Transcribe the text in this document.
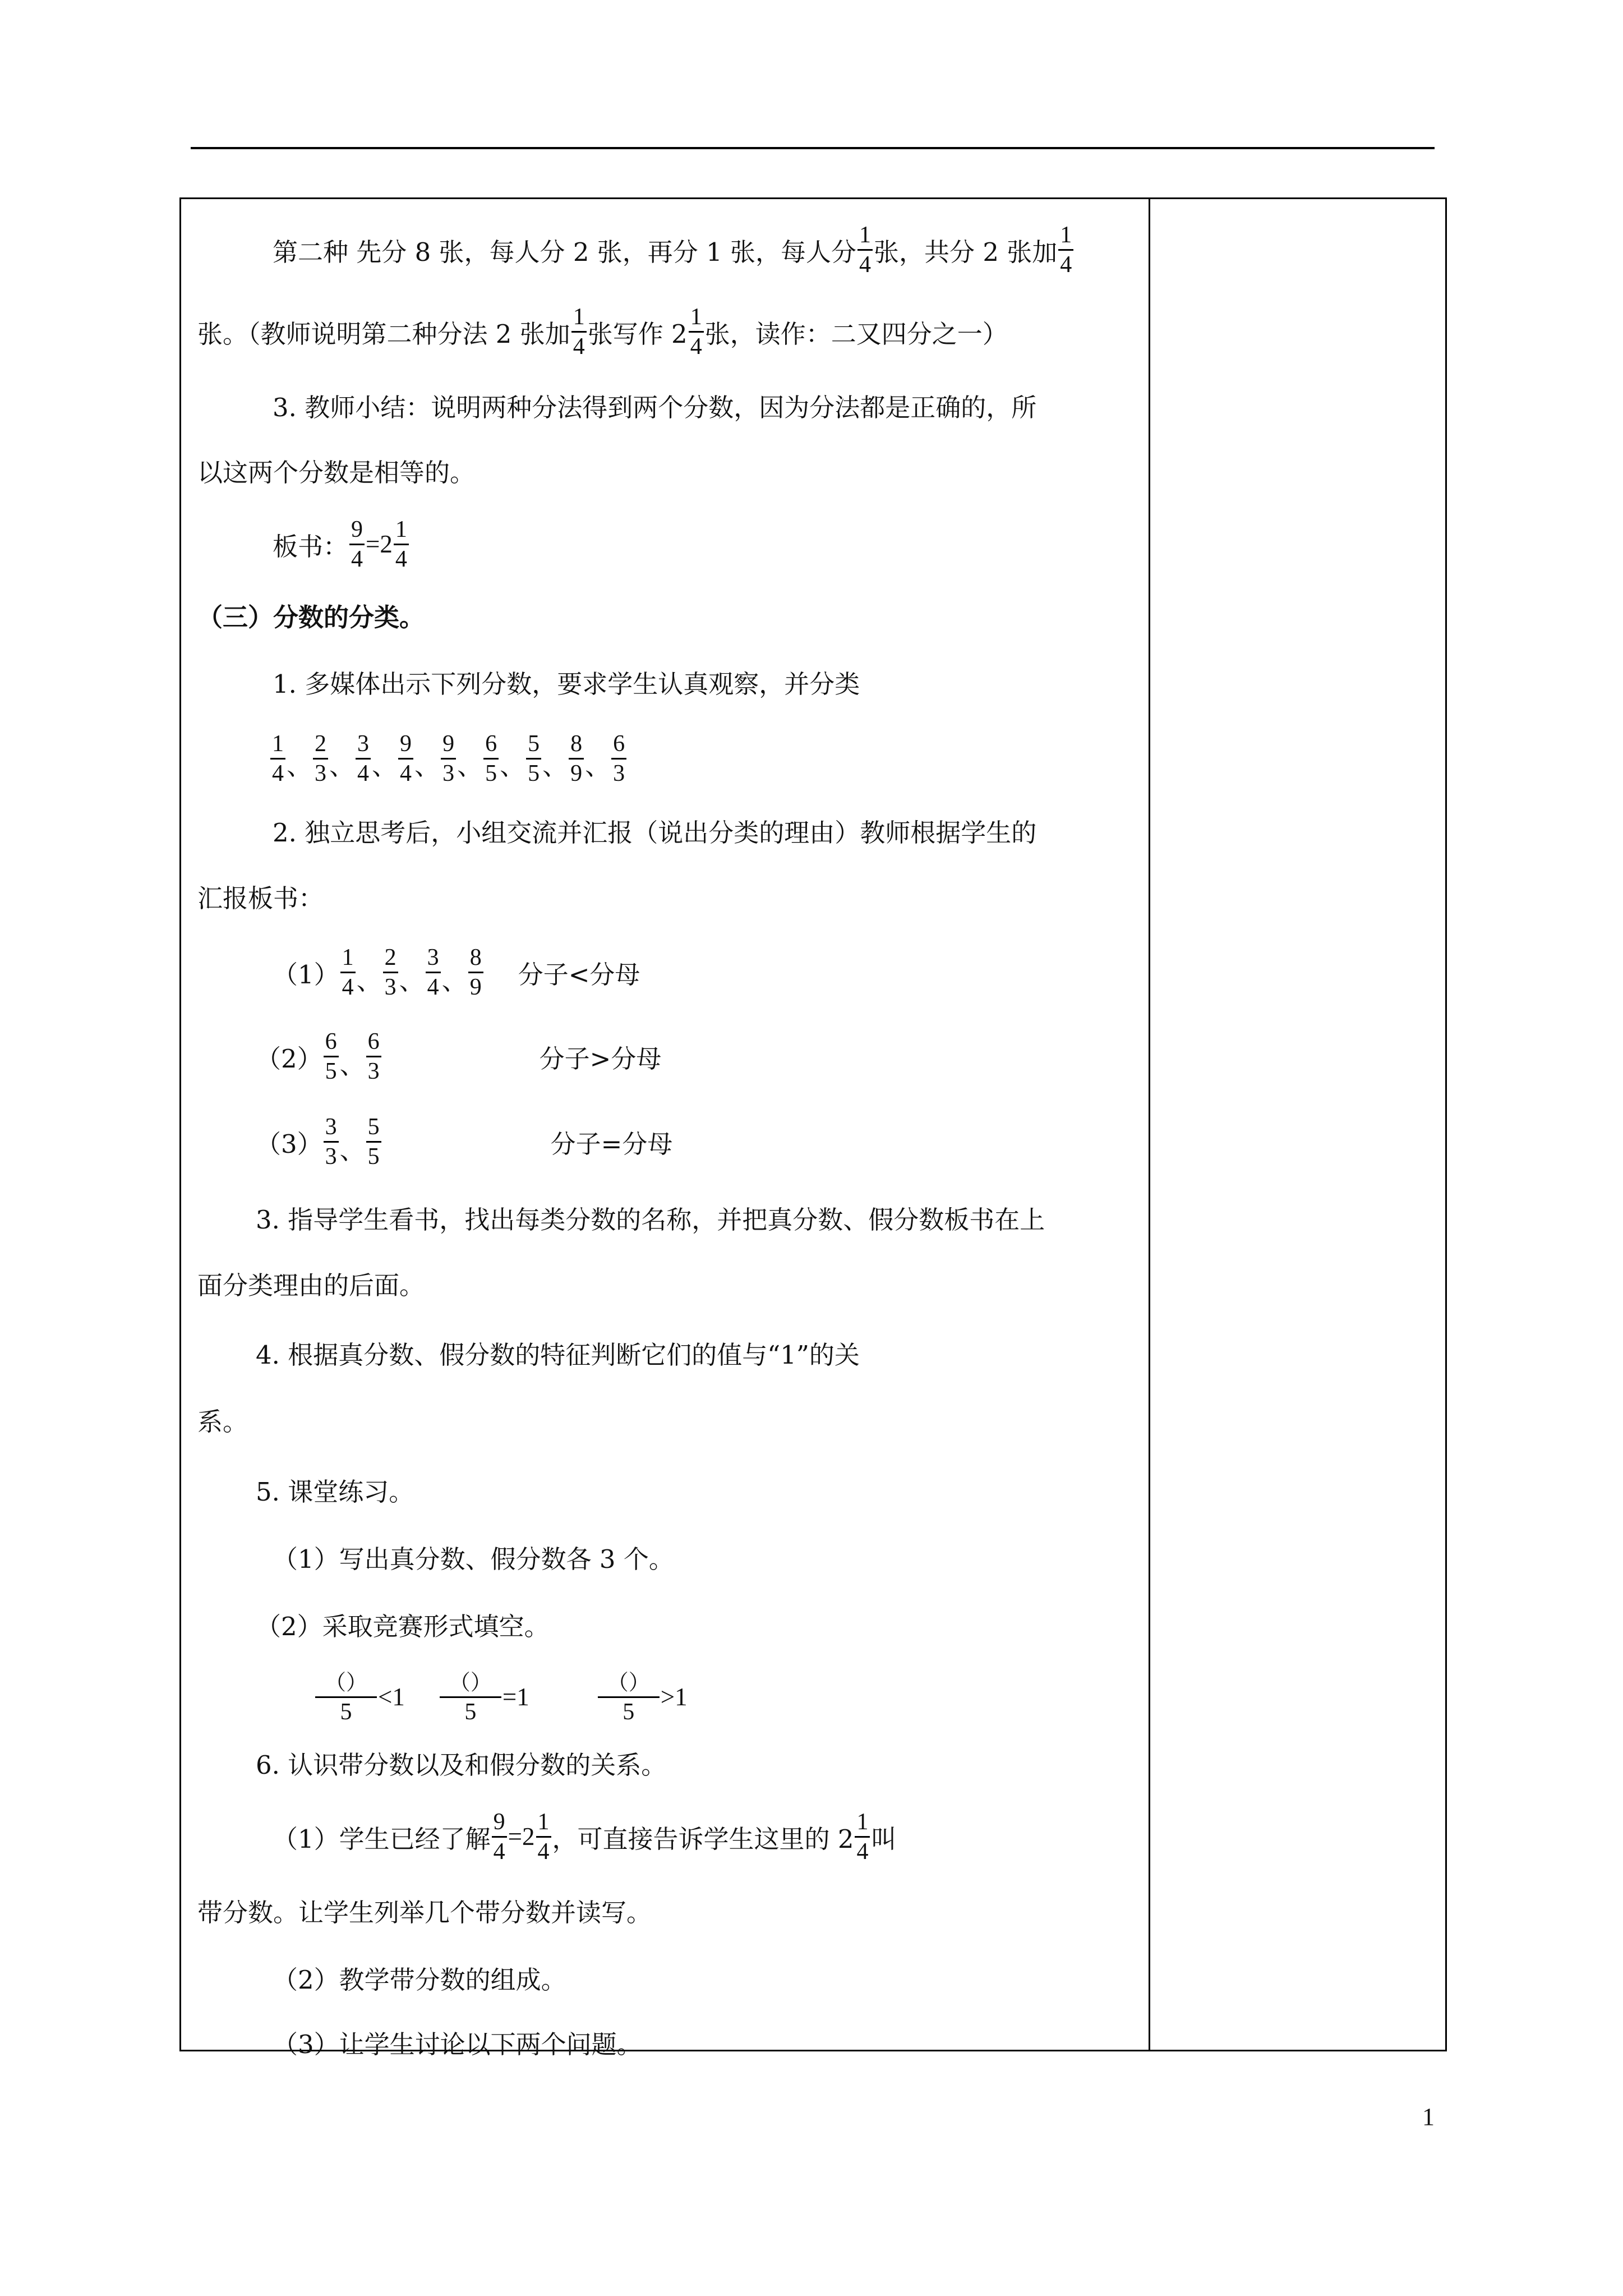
第二种 先分 8 张，每人分 2 张，再分 1 张，每人分 $\frac{1}{4}$ 张，共分 2 张加 $\frac{1}{4}$
张。（教师说明第二种分法 2 张加 $\frac{1}{4}$ 张写作 $2 \frac{1}{4}$ 张，读作：二又四分之一）
3. 教师小结：说明两种分法得到两个分数，因为分法都是正确的，所
以这两个分数是相等的。
板书： $\frac{9}{4} =2 \frac{1}{4}$
（三）分数的分类。
1. 多媒体出示下列分数，要求学生认真观察，并分类
$\frac{1}{4}$ 、 $\frac{2}{3}$ 、 $\frac{3}{4}$ 、 $\frac{9}{4}$ 、 $\frac{9}{3}$ 、 $\frac{6}{5}$ 、 $\frac{5}{5}$ 、 $\frac{8}{9}$ 、 $\frac{6}{3}$
2. 独立思考后，小组交流并汇报（说出分类的理由）教师根据学生的
汇报板书：
$(1) \frac{1}{4}$ 、 $\frac{2}{3}$ 、 $\frac{3}{4}$ 、 $\frac{8}{9}$ 分子<分母
$(2) \frac{6}{5}$ 、 $\frac{6}{3}$	分子>分母
$(3) \frac{3}{3}$ 、 $\frac{5}{5}$	分子=分母
3. 指导学生看书，找出每类分数的名称，并把真分数、假分数板书在上
面分类理由的后面。
4. 根据真分数、假分数的特征判断它们的值与“1”的关
系。
5. 课堂练习。
（1）写出真分数、假分数各 3 个。
（2）采取竞赛形式填空。
$\frac{()}{5} <1 \frac{()}{5} =1$	$\frac{()}{5} >1$
6. 认识带分数以及和假分数的关系。
（1）学生已经了解 $\frac{9}{4} =2 \frac{1}{4}$ ，可直接告诉学生这里的 $2 \frac{1}{4}$ 叫
带分数。让学生列举几个带分数并读写。
（2）教学带分数的组成。
（3）让学生讨论以下两个问题。
1
